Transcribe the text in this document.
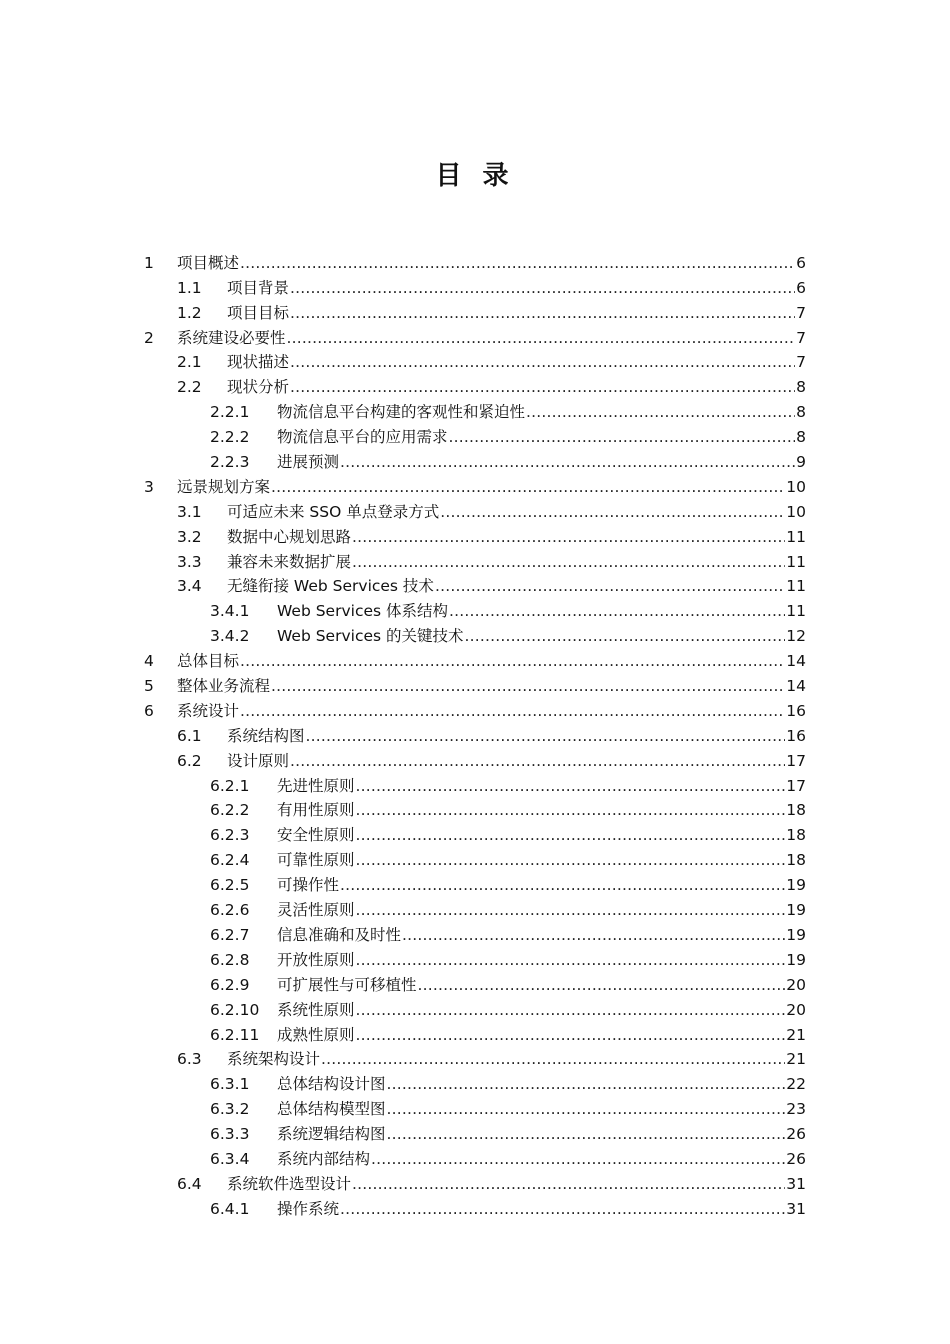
目 录
1	项目概述 .....	6
1.1	项目背景 .....	6
1.2	项目目标 .....	7
2	系统建设必要性 .....	7
2.1	现状描述 .....	7
2.2	现状分析 .....	8
2.2.1	物流信息平台构建的客观性和紧迫性 .....	8
2.2.2	物流信息平台的应用需求 .....	8
2.2.3	进展预测 .....	9
3	远景规划方案 .....	10
3.1	可适应未来 SSO 单点登录方式 .....	10
3.2	数据中心规划思路 .....	11
3.3	兼容未来数据扩展 .....	11
3.4	无缝衔接 Web Services 技术 .....	11
3.4.1	Web Services 体系结构 .....	11
3.4.2	Web Services 的关键技术 .....	12
4	总体目标 .....	14
5	整体业务流程 .....	14
6	系统设计 .....	16
6.1	系统结构图 .....	16
6.2	设计原则 .....	17
6.2.1	先进性原则 .....	17
6.2.2	有用性原则 .....	18
6.2.3	安全性原则 .....	18
6.2.4	可靠性原则 .....	18
6.2.5	可操作性 .....	19
6.2.6	灵活性原则 .....	19
6.2.7	信息准确和及时性 .....	19
6.2.8	开放性原则 .....	19
6.2.9	可扩展性与可移植性 .....	20
6.2.10	系统性原则 .....	20
6.2.11	成熟性原则 .....	21
6.3	系统架构设计 .....	21
6.3.1	总体结构设计图 .....	22
6.3.2	总体结构模型图 .....	23
6.3.3	系统逻辑结构图 .....	26
6.3.4	系统内部结构 .....	26
6.4	系统软件选型设计 .....	31
6.4.1	操作系统 .....	31
